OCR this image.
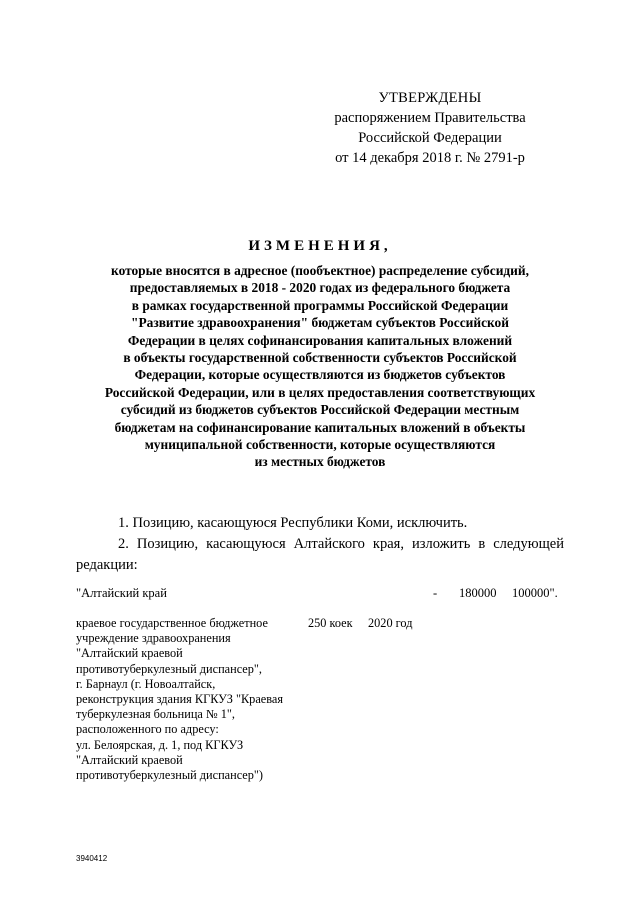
УТВЕРЖДЕНЫ
распоряжением Правительства
Российской Федерации
от 14 декабря 2018 г. № 2791-р
ИЗМЕНЕНИЯ,
которые вносятся в адресное (пообъектное) распределение субсидий,
предоставляемых в 2018 - 2020 годах из федерального бюджета
в рамках государственной программы Российской Федерации
"Развитие здравоохранения" бюджетам субъектов Российской
Федерации в целях софинансирования капитальных вложений
в объекты государственной собственности субъектов Российской
Федерации, которые осуществляются из бюджетов субъектов
Российской Федерации, или в целях предоставления соответствующих
субсидий из бюджетов субъектов Российской Федерации местным
бюджетам на софинансирование капитальных вложений в объекты
муниципальной собственности, которые осуществляются
из местных бюджетов
1. Позицию, касающуюся Республики Коми, исключить.
2. Позицию, касающуюся Алтайского края, изложить в следующей редакции:
"Алтайский край	- 180000 100000".
краевое государственное бюджетное
учреждение здравоохранения
"Алтайский краевой
противотуберкулезный диспансер",
г. Барнаул (г. Новоалтайск,
реконструкция здания КГКУЗ "Краевая
туберкулезная больница № 1",
расположенного по адресу:
ул. Белоярская, д. 1, под КГКУЗ
"Алтайский краевой
противотуберкулезный диспансер")
250 коек 2020 год
3940412
